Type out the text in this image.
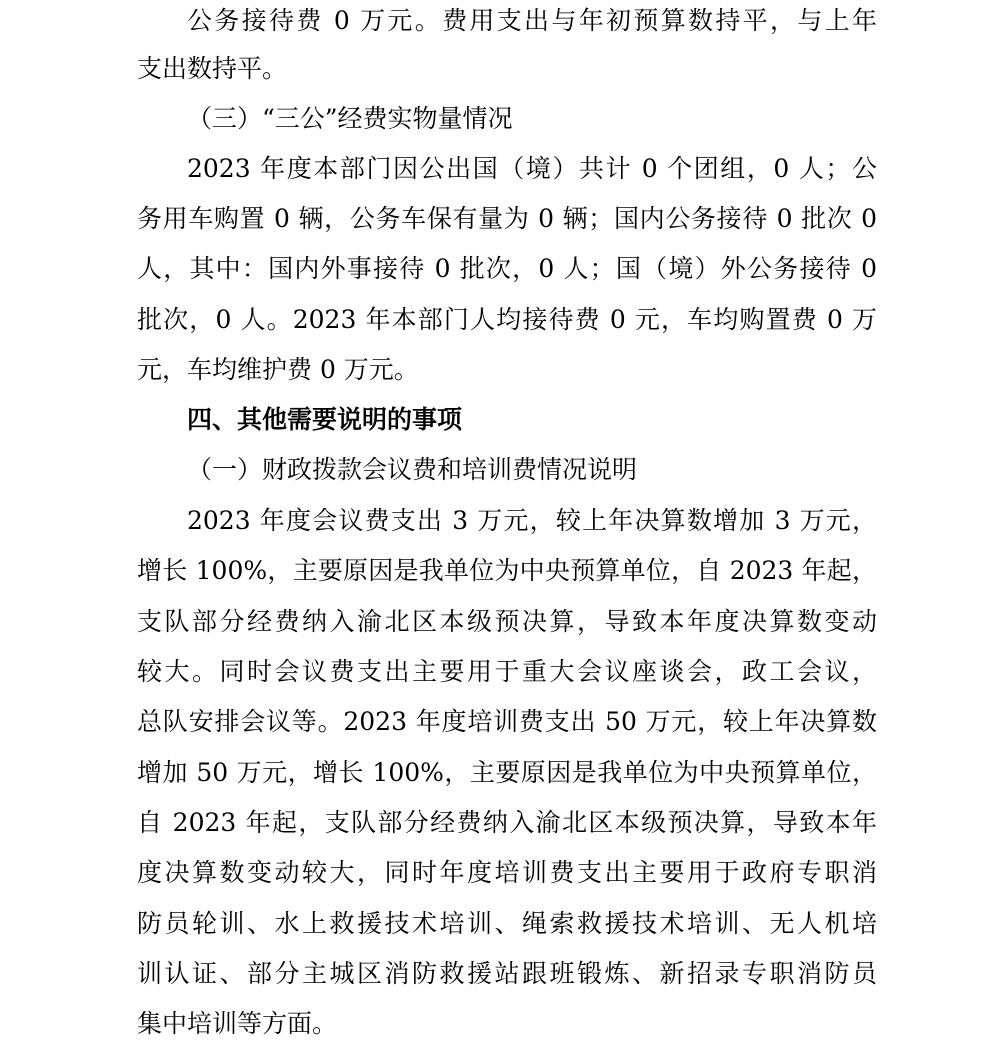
公务接待费 0 万元。费用支出与年初预算数持平，与上年
支出数持平。
（三）“三公”经费实物量情况
2023 年度本部门因公出国（境）共计 0 个团组，0 人；公
务用车购置 0 辆，公务车保有量为 0 辆；国内公务接待 0 批次 0
人，其中：国内外事接待 0 批次，0 人；国（境）外公务接待 0
批次，0 人。2023 年本部门人均接待费 0 元，车均购置费 0 万
元，车均维护费 0 万元。
四、其他需要说明的事项
（一）财政拨款会议费和培训费情况说明
2023 年度会议费支出 3 万元，较上年决算数增加 3 万元，
增长 100%，主要原因是我单位为中央预算单位，自 2023 年起，
支队部分经费纳入渝北区本级预决算，导致本年度决算数变动
较大。同时会议费支出主要用于重大会议座谈会，政工会议，
总队安排会议等。2023 年度培训费支出 50 万元，较上年决算数
增加 50 万元，增长 100%，主要原因是我单位为中央预算单位，
自 2023 年起，支队部分经费纳入渝北区本级预决算，导致本年
度决算数变动较大，同时年度培训费支出主要用于政府专职消
防员轮训、水上救援技术培训、绳索救援技术培训、无人机培
训认证、部分主城区消防救援站跟班锻炼、新招录专职消防员
集中培训等方面。
